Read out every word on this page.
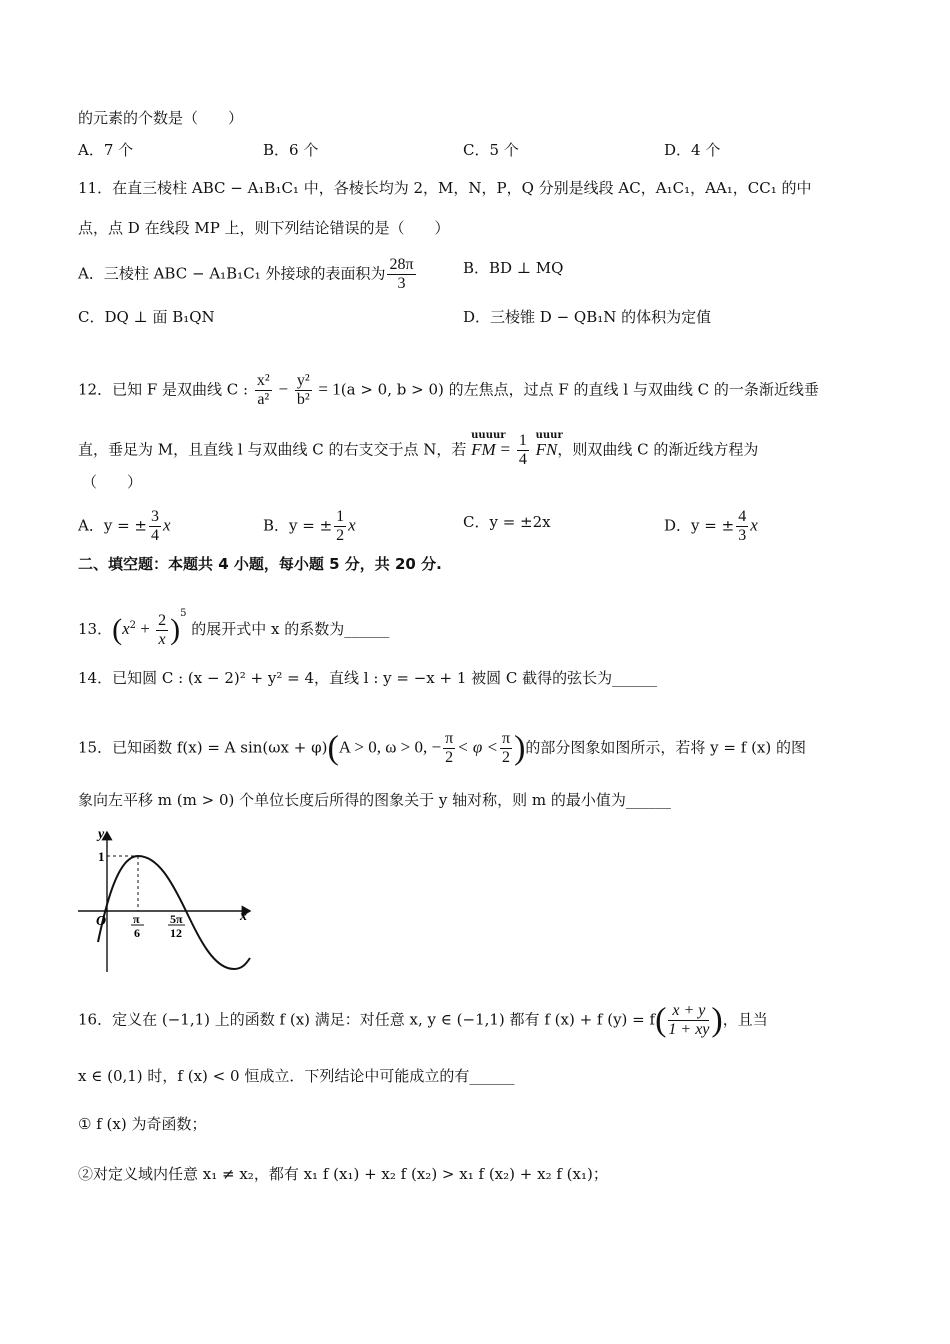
的元素的个数是（　　）
A．7 个	B．6 个	C．5 个	D．4 个
11．在直三棱柱 ABC − A₁B₁C₁ 中，各棱长均为 2，M，N，P，Q 分别是线段 AC，A₁C₁，AA₁，CC₁ 的中
点，点 D 在线段 MP 上，则下列结论错误的是（　　）
A．三棱柱 ABC − A₁B₁C₁ 外接球的表面积为 $\frac{28\pi}{3}$	B．BD ⊥ MQ
C．DQ ⊥ 面 B₁QN	D．三棱锥 D − QB₁N 的体积为定值
12．已知 F 是双曲线 C : $\frac{\text{x²}}{\text{a²}} - \frac{\text{y²}}{\text{b²}} = 1(a > 0$, b > 0) 的左焦点，过点 F 的直线 l 与双曲线 C 的一条渐近线垂
直，垂足为 M，且直线 l 与双曲线 C 的右支交于点 N，若
uuuur
FM = $\frac{1}{4}$
uuur
FN，则双曲线 C 的渐近线方程为
（　　）
A．y = ± $\frac{3}{4}$ x	B．y = ± $\frac{1}{2}$ x	C．y = ±2x	D．y = ± $\frac{4}{3}$ x
二、填空题：本题共 4 小题，每小题 5 分，共 20 分.
13．$(x^2 + \frac{2}{x} )^5$ 的展开式中 x 的系数为______
14．已知圆 C : (x − 2)² + y² = 4，直线 l : y = −x + 1 被圆 C 截得的弦长为______
15．已知函数 f(x) = A sin(ωx + φ)(A > 0, ω > 0, − $\frac{\pi}{2} < \varphi < \frac{\pi}{2}$ )的部分图象如图所示，若将 y = f (x) 的图
象向左平移 m (m > 0) 个单位长度后所得的图象关于 y 轴对称，则 m 的最小值为______
y
x
O
1
π
6
5π
12
16．定义在 (−1,1) 上的函数 f (x) 满足：对任意 x, y ∈ (−1,1) 都有 f (x) + f $(y) = f( \frac{x + y}{1 + xy}$ )，且当
x ∈ (0,1) 时，f (x) < 0 恒成立．下列结论中可能成立的有______
① f (x) 为奇函数；
②对定义域内任意 x₁ ≠ x₂，都有 x₁ f (x₁) + x₂ f (x₂) > x₁ f (x₂) + x₂ f (x₁)；
